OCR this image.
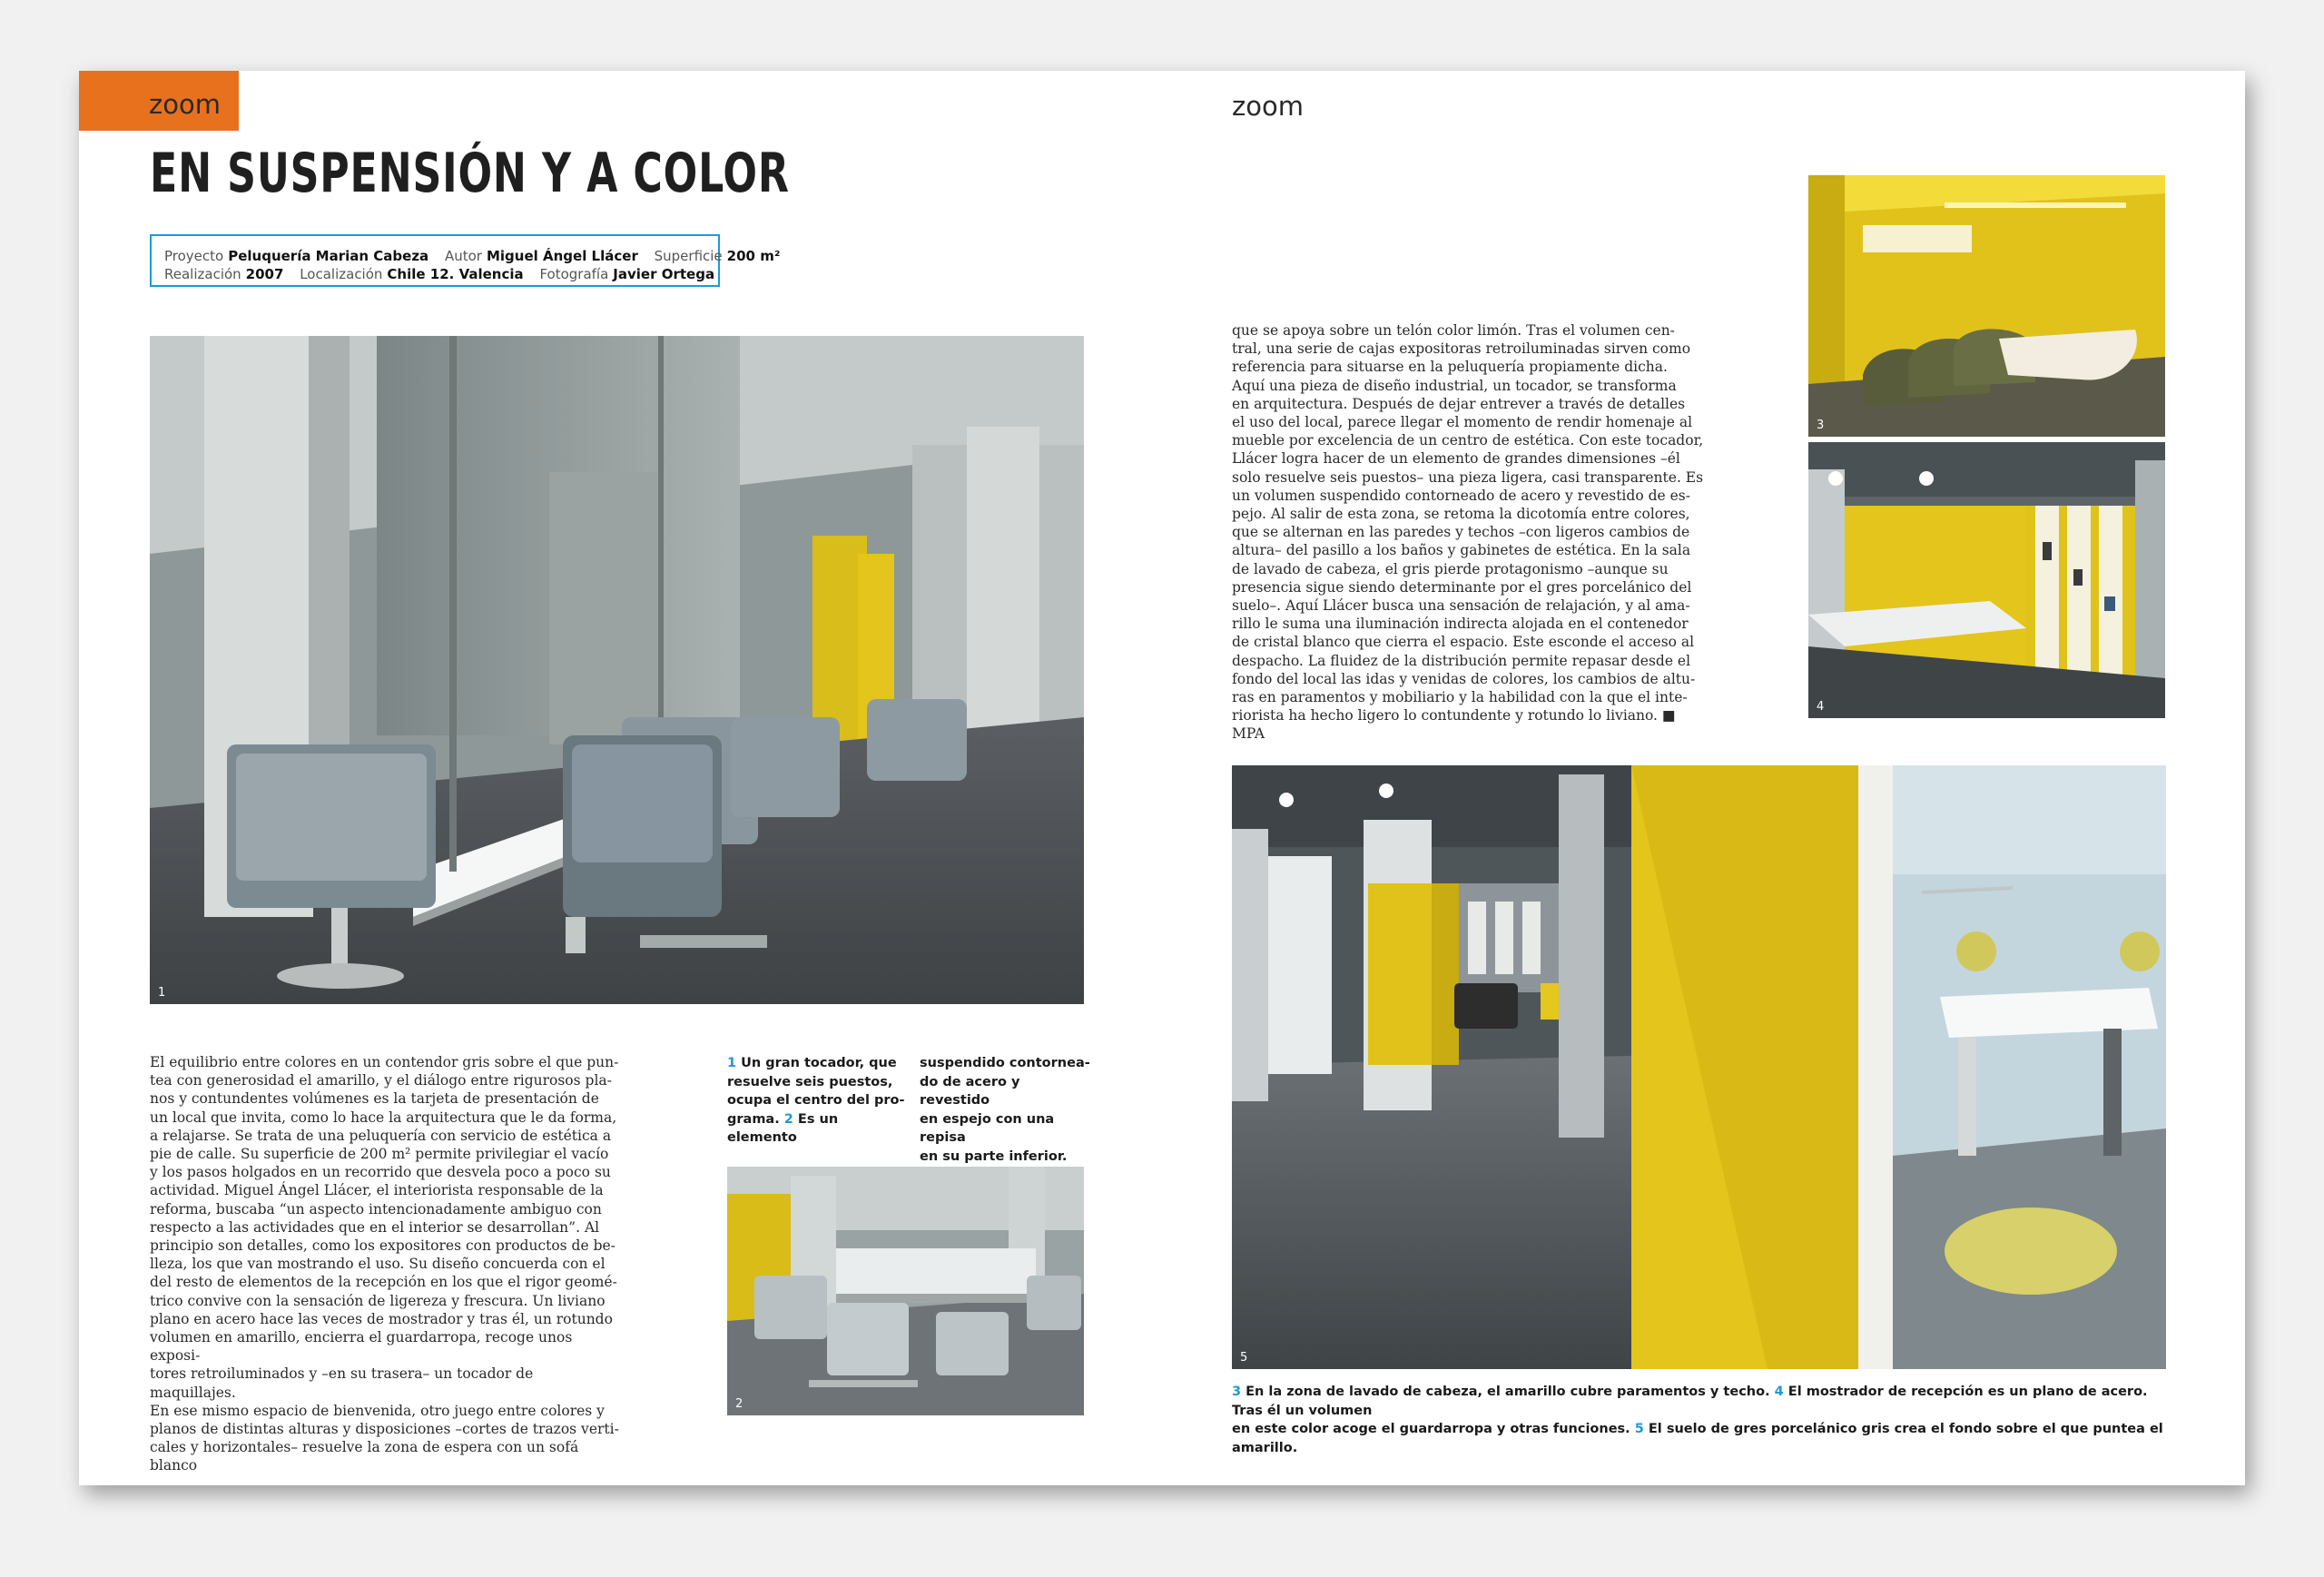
zoom	zoom
EN SUSPENSIÓN Y A COLOR
Proyecto Peluquería Marian Cabeza Autor Miguel Ángel Llácer Superficie 200 m²
Realización 2007 Localización Chile 12. Valencia Fotografía Javier Ortega
1
El equilibrio entre colores en un contendor gris sobre el que pun-
tea con generosidad el amarillo, y el diálogo entre rigurosos pla-
nos y contundentes volúmenes es la tarjeta de presentación de
un local que invita, como lo hace la arquitectura que le da forma,
a relajarse. Se trata de una peluquería con servicio de estética a
pie de calle. Su superficie de 200 m² permite privilegiar el vacío
y los pasos holgados en un recorrido que desvela poco a poco su
actividad. Miguel Ángel Llácer, el interiorista responsable de la
reforma, buscaba “un aspecto intencionadamente ambiguo con
respecto a las actividades que en el interior se desarrollan”. Al
principio son detalles, como los expositores con productos de be-
lleza, los que van mostrando el uso. Su diseño concuerda con el
del resto de elementos de la recepción en los que el rigor geomé-
trico convive con la sensación de ligereza y frescura. Un liviano
plano en acero hace las veces de mostrador y tras él, un rotundo
volumen en amarillo, encierra el guardarropa, recoge unos exposi-
tores retroiluminados y –en su trasera– un tocador de maquillajes.
En ese mismo espacio de bienvenida, otro juego entre colores y
planos de distintas alturas y disposiciones –cortes de trazos verti-
cales y horizontales– resuelve la zona de espera con un sofá blanco
1 Un gran tocador, que
resuelve seis puestos,
ocupa el centro del pro-
grama. 2 Es un elemento
suspendido contornea-
do de acero y revestido
en espejo con una repisa
en su parte inferior.
2
que se apoya sobre un telón color limón. Tras el volumen cen-
tral, una serie de cajas expositoras retroiluminadas sirven como
referencia para situarse en la peluquería propiamente dicha.
Aquí una pieza de diseño industrial, un tocador, se transforma
en arquitectura. Después de dejar entrever a través de detalles
el uso del local, parece llegar el momento de rendir homenaje al
mueble por excelencia de un centro de estética. Con este tocador,
Llácer logra hacer de un elemento de grandes dimensiones –él
solo resuelve seis puestos– una pieza ligera, casi transparente. Es
un volumen suspendido contorneado de acero y revestido de es-
pejo. Al salir de esta zona, se retoma la dicotomía entre colores,
que se alternan en las paredes y techos –con ligeros cambios de
altura– del pasillo a los baños y gabinetes de estética. En la sala
de lavado de cabeza, el gris pierde protagonismo –aunque su
presencia sigue siendo determinante por el gres porcelánico del
suelo–. Aquí Llácer busca una sensación de relajación, y al ama-
rillo le suma una iluminación indirecta alojada en el contenedor
de cristal blanco que cierra el espacio. Este esconde el acceso al
despacho. La fluidez de la distribución permite repasar desde el
fondo del local las idas y venidas de colores, los cambios de altu-
ras en paramentos y mobiliario y la habilidad con la que el inte-
riorista ha hecho ligero lo contundente y rotundo lo liviano. ■ MPA
3
4
5
3 En la zona de lavado de cabeza, el amarillo cubre paramentos y techo. 4 El mostrador de recepción es un plano de acero. Tras él un volumen
en este color acoge el guardarropa y otras funciones. 5 El suelo de gres porcelánico gris crea el fondo sobre el que puntea el amarillo.
